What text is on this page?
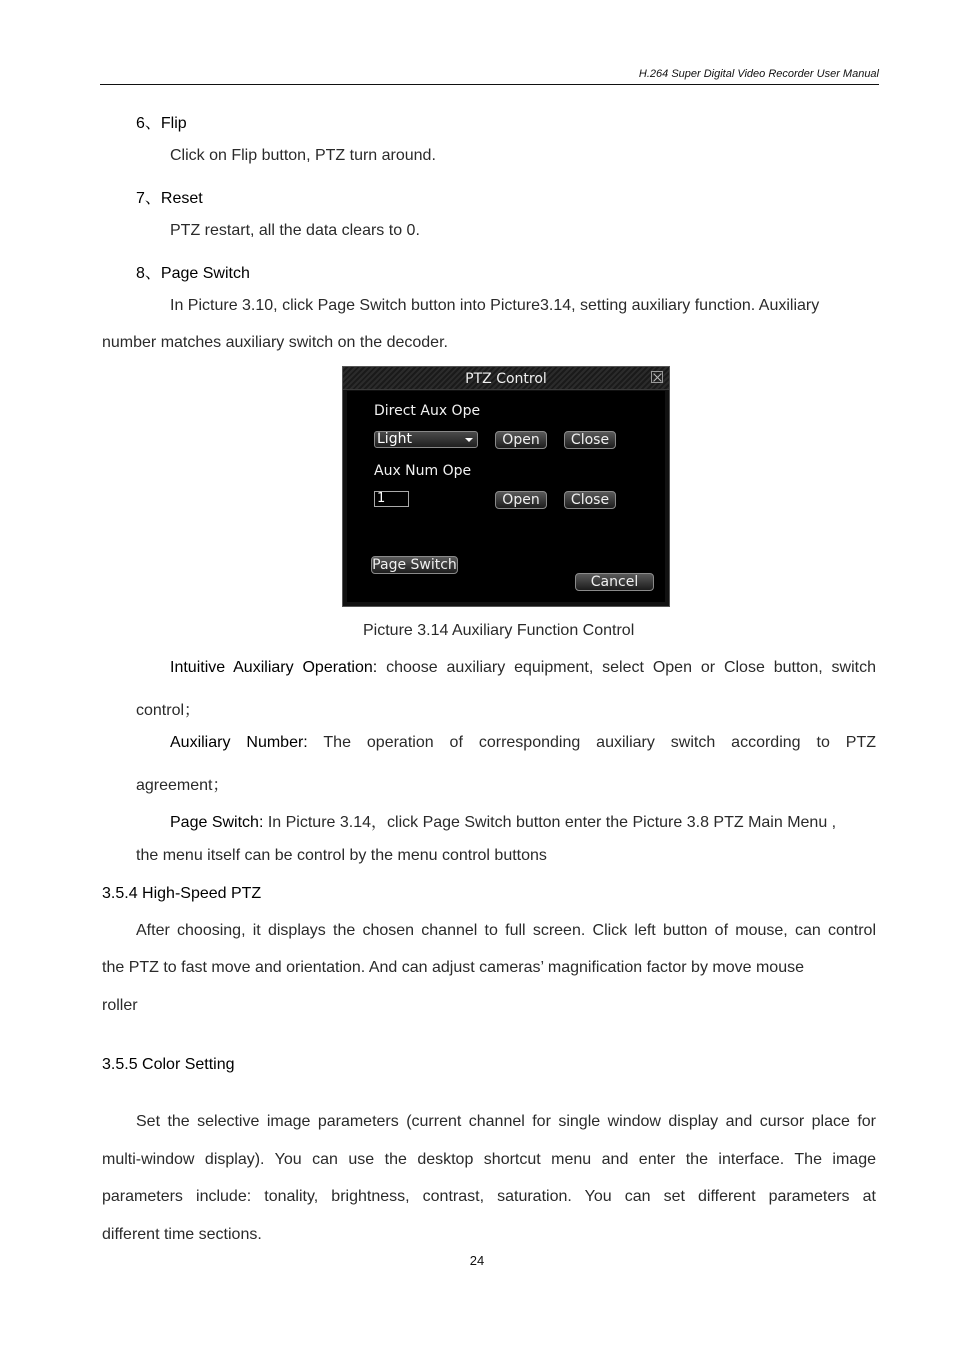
H.264 Super Digital Video Recorder User Manual
6、Flip
Click on Flip button, PTZ turn around.
7、Reset
PTZ restart, all the data clears to 0.
8、Page Switch
In Picture 3.10, click Page Switch button into Picture3.14, setting auxiliary function. Auxiliary
number matches auxiliary switch on the decoder.
PTZ Control
Direct Aux Ope
Light	Open	Close
Aux Num Ope
1	Open	Close
Page Switch
Cancel
Picture 3.14 Auxiliary Function Control
Intuitive Auxiliary Operation: choose auxiliary equipment, select Open or Close button, switch
control；
Auxiliary Number: The operation of corresponding auxiliary switch according to PTZ
agreement；
Page Switch: In Picture 3.14，click Page Switch button enter the Picture 3.8 PTZ Main Menu ,
the menu itself can be control by the menu control buttons
3.5.4 High-Speed PTZ
After choosing, it displays the chosen channel to full screen. Click left button of mouse, can control
the PTZ to fast move and orientation. And can adjust cameras’ magnification factor by move mouse
roller
3.5.5 Color Setting
Set the selective image parameters (current channel for single window display and cursor place for
multi-window display). You can use the desktop shortcut menu and enter the interface. The image
parameters include: tonality, brightness, contrast, saturation. You can set different parameters at
different time sections.
24
